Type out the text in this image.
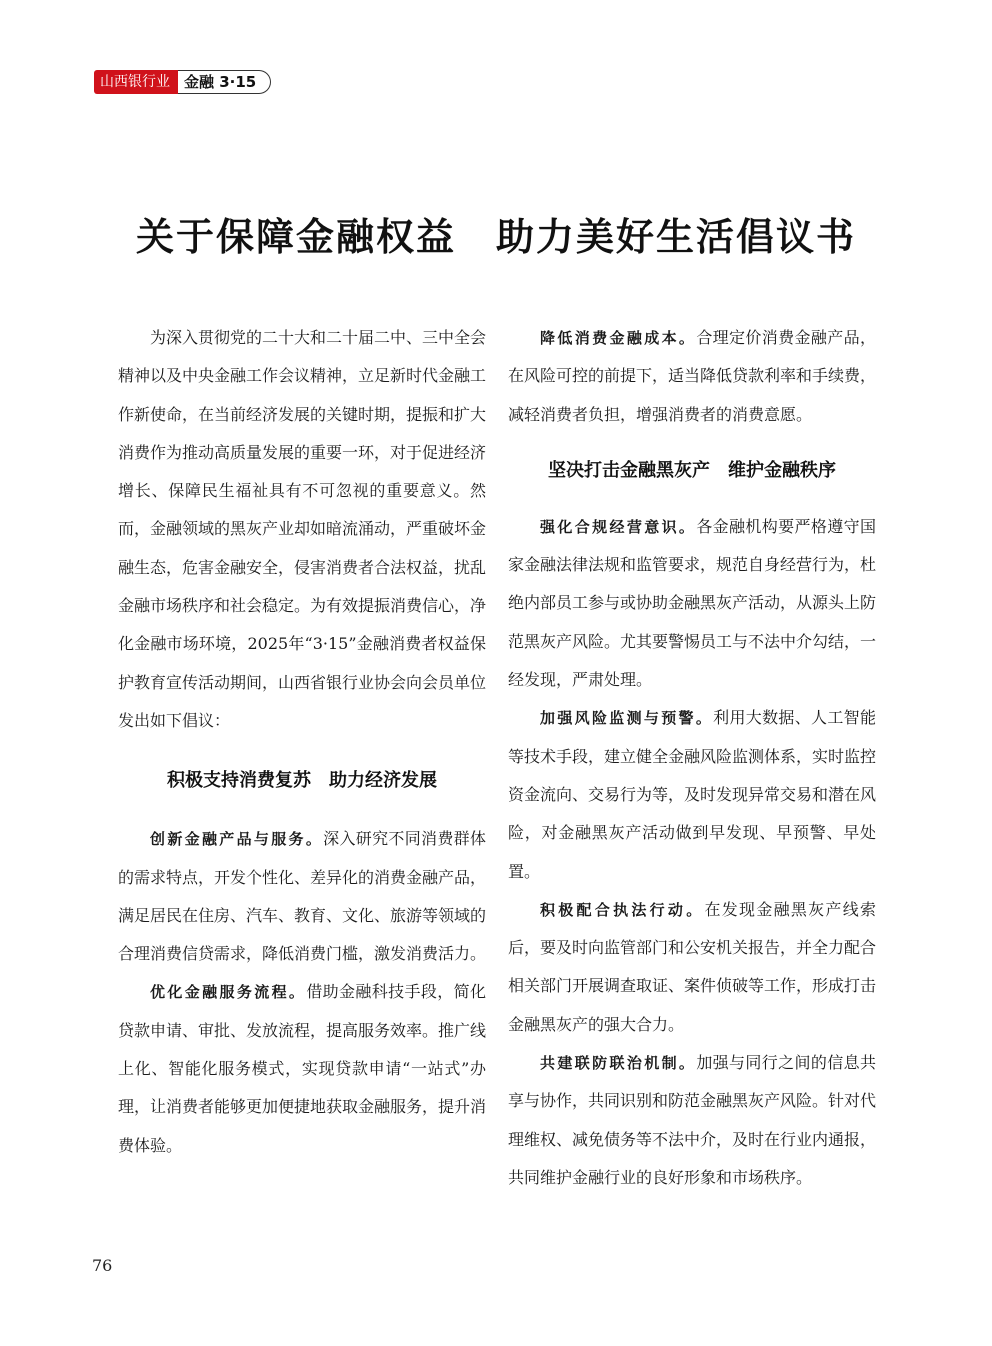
山西银行业 金融 3·15
关于保障金融权益　助力美好生活倡议书

为深入贯彻党的二十大和二十届二中、三中全会精神以及中央金融工作会议精神，立足新时代金融工作新使命，在当前经济发展的关键时期，提振和扩大消费作为推动高质量发展的重要一环，对于促进经济增长、保障民生福祉具有不可忽视的重要意义。然而，金融领域的黑灰产业却如暗流涌动，严重破坏金融生态，危害金融安全，侵害消费者合法权益，扰乱金融市场秩序和社会稳定。为有效提振消费信心，净化金融市场环境，2025年“3·15”金融消费者权益保护教育宣传活动期间，山西省银行业协会向会员单位发出如下倡议：

积极支持消费复苏　助力经济发展

创新金融产品与服务。深入研究不同消费群体的需求特点，开发个性化、差异化的消费金融产品，满足居民在住房、汽车、教育、文化、旅游等领域的合理消费信贷需求，降低消费门槛，激发消费活力。

优化金融服务流程。借助金融科技手段，简化贷款申请、审批、发放流程，提高服务效率。推广线上化、智能化服务模式，实现贷款申请“一站式”办理，让消费者能够更加便捷地获取金融服务，提升消费体验。

降低消费金融成本。合理定价消费金融产品，在风险可控的前提下，适当降低贷款利率和手续费，减轻消费者负担，增强消费者的消费意愿。

坚决打击金融黑灰产　维护金融秩序

强化合规经营意识。各金融机构要严格遵守国家金融法律法规和监管要求，规范自身经营行为，杜绝内部员工参与或协助金融黑灰产活动，从源头上防范黑灰产风险。尤其要警惕员工与不法中介勾结，一经发现，严肃处理。

加强风险监测与预警。利用大数据、人工智能等技术手段，建立健全金融风险监测体系，实时监控资金流向、交易行为等，及时发现异常交易和潜在风险，对金融黑灰产活动做到早发现、早预警、早处置。

积极配合执法行动。在发现金融黑灰产线索后，要及时向监管部门和公安机关报告，并全力配合相关部门开展调查取证、案件侦破等工作，形成打击金融黑灰产的强大合力。

共建联防联治机制。加强与同行之间的信息共享与协作，共同识别和防范金融黑灰产风险。针对代理维权、减免债务等不法中介，及时在行业内通报，共同维护金融行业的良好形象和市场秩序。

76
